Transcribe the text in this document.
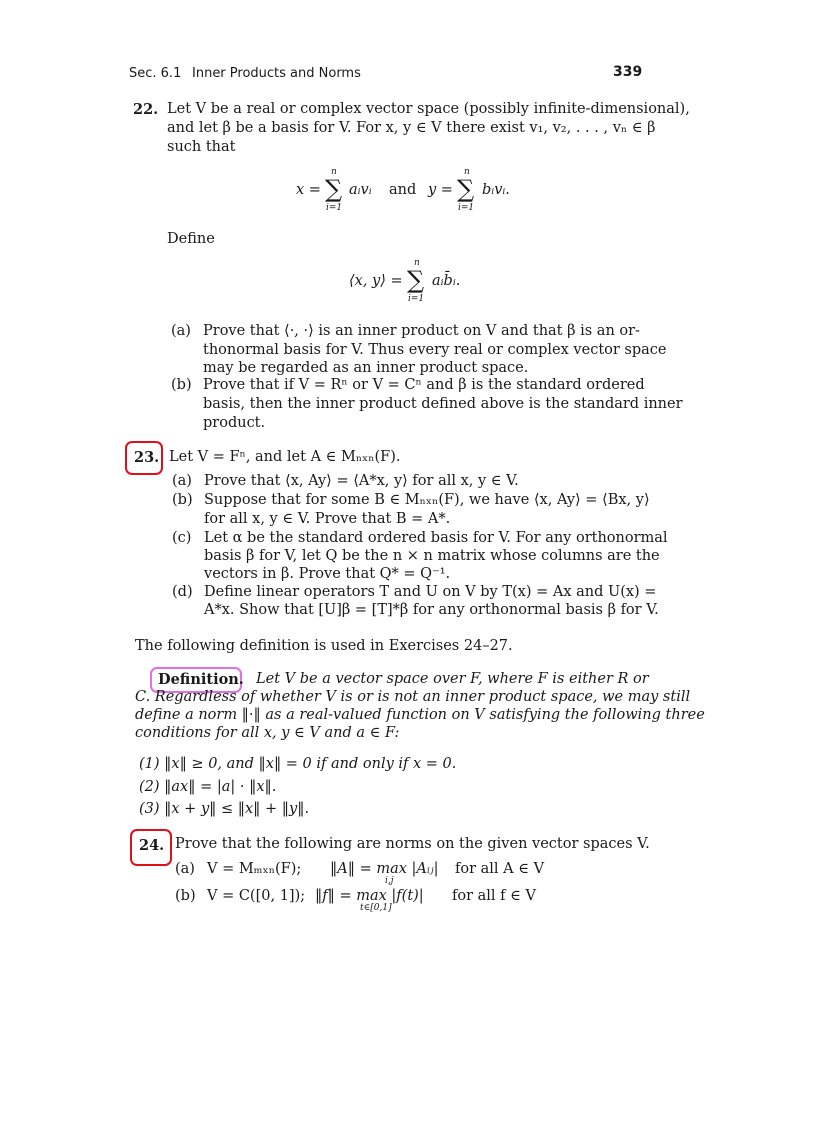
Sec. 6.1 Inner Products and Norms	339
22. Let V be a real or complex vector space (possibly infinite-dimensional),
and let β be a basis for V. For x, y ∈ V there exist v₁, v₂, . . . , vₙ ∈ β
such that
x =
n
∑
i=1
aᵢvᵢ and y =
n
∑
i=1
bᵢvᵢ.
Define
⟨x, y⟩ =
n
∑
i=1
aᵢb̄ᵢ.
(a) Prove that ⟨·, ·⟩ is an inner product on V and that β is an or-
thonormal basis for V. Thus every real or complex vector space
may be regarded as an inner product space.
(b) Prove that if V = Rⁿ or V = Cⁿ and β is the standard ordered
basis, then the inner product defined above is the standard inner
product.
23. Let V = Fⁿ, and let A ∈ Mₙₓₙ(F).
(a) Prove that ⟨x, Ay⟩ = ⟨A*x, y⟩ for all x, y ∈ V.
(b) Suppose that for some B ∈ Mₙₓₙ(F), we have ⟨x, Ay⟩ = ⟨Bx, y⟩
for all x, y ∈ V. Prove that B = A*.
(c) Let α be the standard ordered basis for V. For any orthonormal
basis β for V, let Q be the n × n matrix whose columns are the
vectors in β. Prove that Q* = Q⁻¹.
(d) Define linear operators T and U on V by T(x) = Ax and U(x) =
A*x. Show that [U]β = [T]*β for any orthonormal basis β for V.
The following definition is used in Exercises 24–27.
Definition. Let V be a vector space over F, where F is either R or
C. Regardless of whether V is or is not an inner product space, we may still
define a norm ‖·‖ as a real-valued function on V satisfying the following three
conditions for all x, y ∈ V and a ∈ F:
(1) ‖x‖ ≥ 0, and ‖x‖ = 0 if and only if x = 0.
(2) ‖ax‖ = |a| · ‖x‖.
(3) ‖x + y‖ ≤ ‖x‖ + ‖y‖.
24. Prove that the following are norms on the given vector spaces V.
(a) V = Mₘₓₙ(F); ‖A‖ = max |Aᵢⱼ|
i,j
for all A ∈ V
(b) V = C([0, 1]); ‖f‖ = max |f(t)|
t∈[0,1]
for all f ∈ V
